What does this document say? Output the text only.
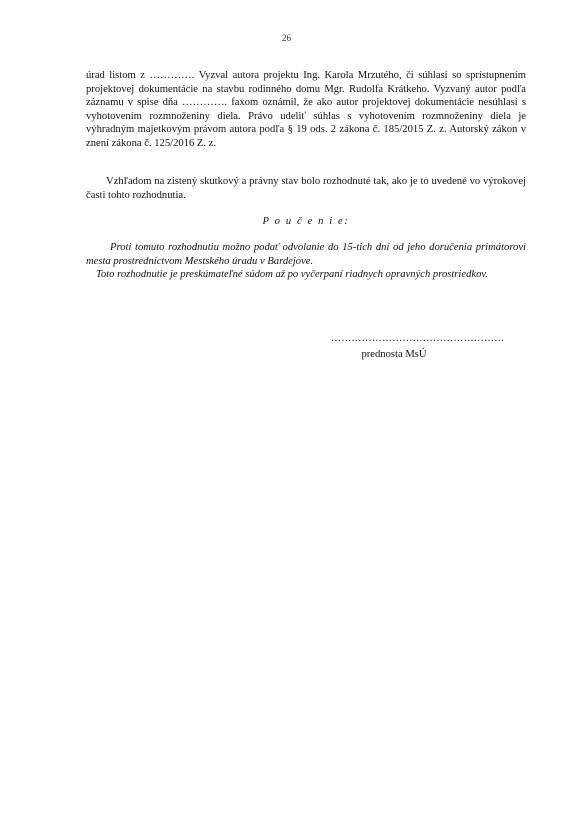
26

úrad listom z …………. Vyzval autora projektu Ing. Karola Mrzutého, či súhlasí so sprístupnením projektovej dokumentácie na stavbu rodinného domu Mgr. Rudolfa Krátkeho. Vyzvaný autor podľa záznamu v spise dňa …………. faxom oznámil, že ako autor projektovej dokumentácie nesúhlasí s vyhotovením rozmnoženiny diela. Právo udeliť súhlas s vyhotovením rozmnoženiny diela je výhradným majetkovým právom autora podľa § 19 ods. 2 zákona č. 185/2015 Z. z. Autorský zákon v znení zákona č. 125/2016 Z. z.

Vzhľadom na zistený skutkový a právny stav bolo rozhodnuté tak, ako je to uvedené vo výrokovej časti tohto rozhodnutia.

P o u č e n i e:

Proti tomuto rozhodnutiu možno podať odvolanie do 15-tich dní od jeho doručenia primátorovi mesta prostredníctvom Mestského úradu v Bardejove.

Toto rozhodnutie je preskúmateľné súdom až po vyčerpaní riadnych opravných prostriedkov.

……………………………………………
prednosta MsÚ
